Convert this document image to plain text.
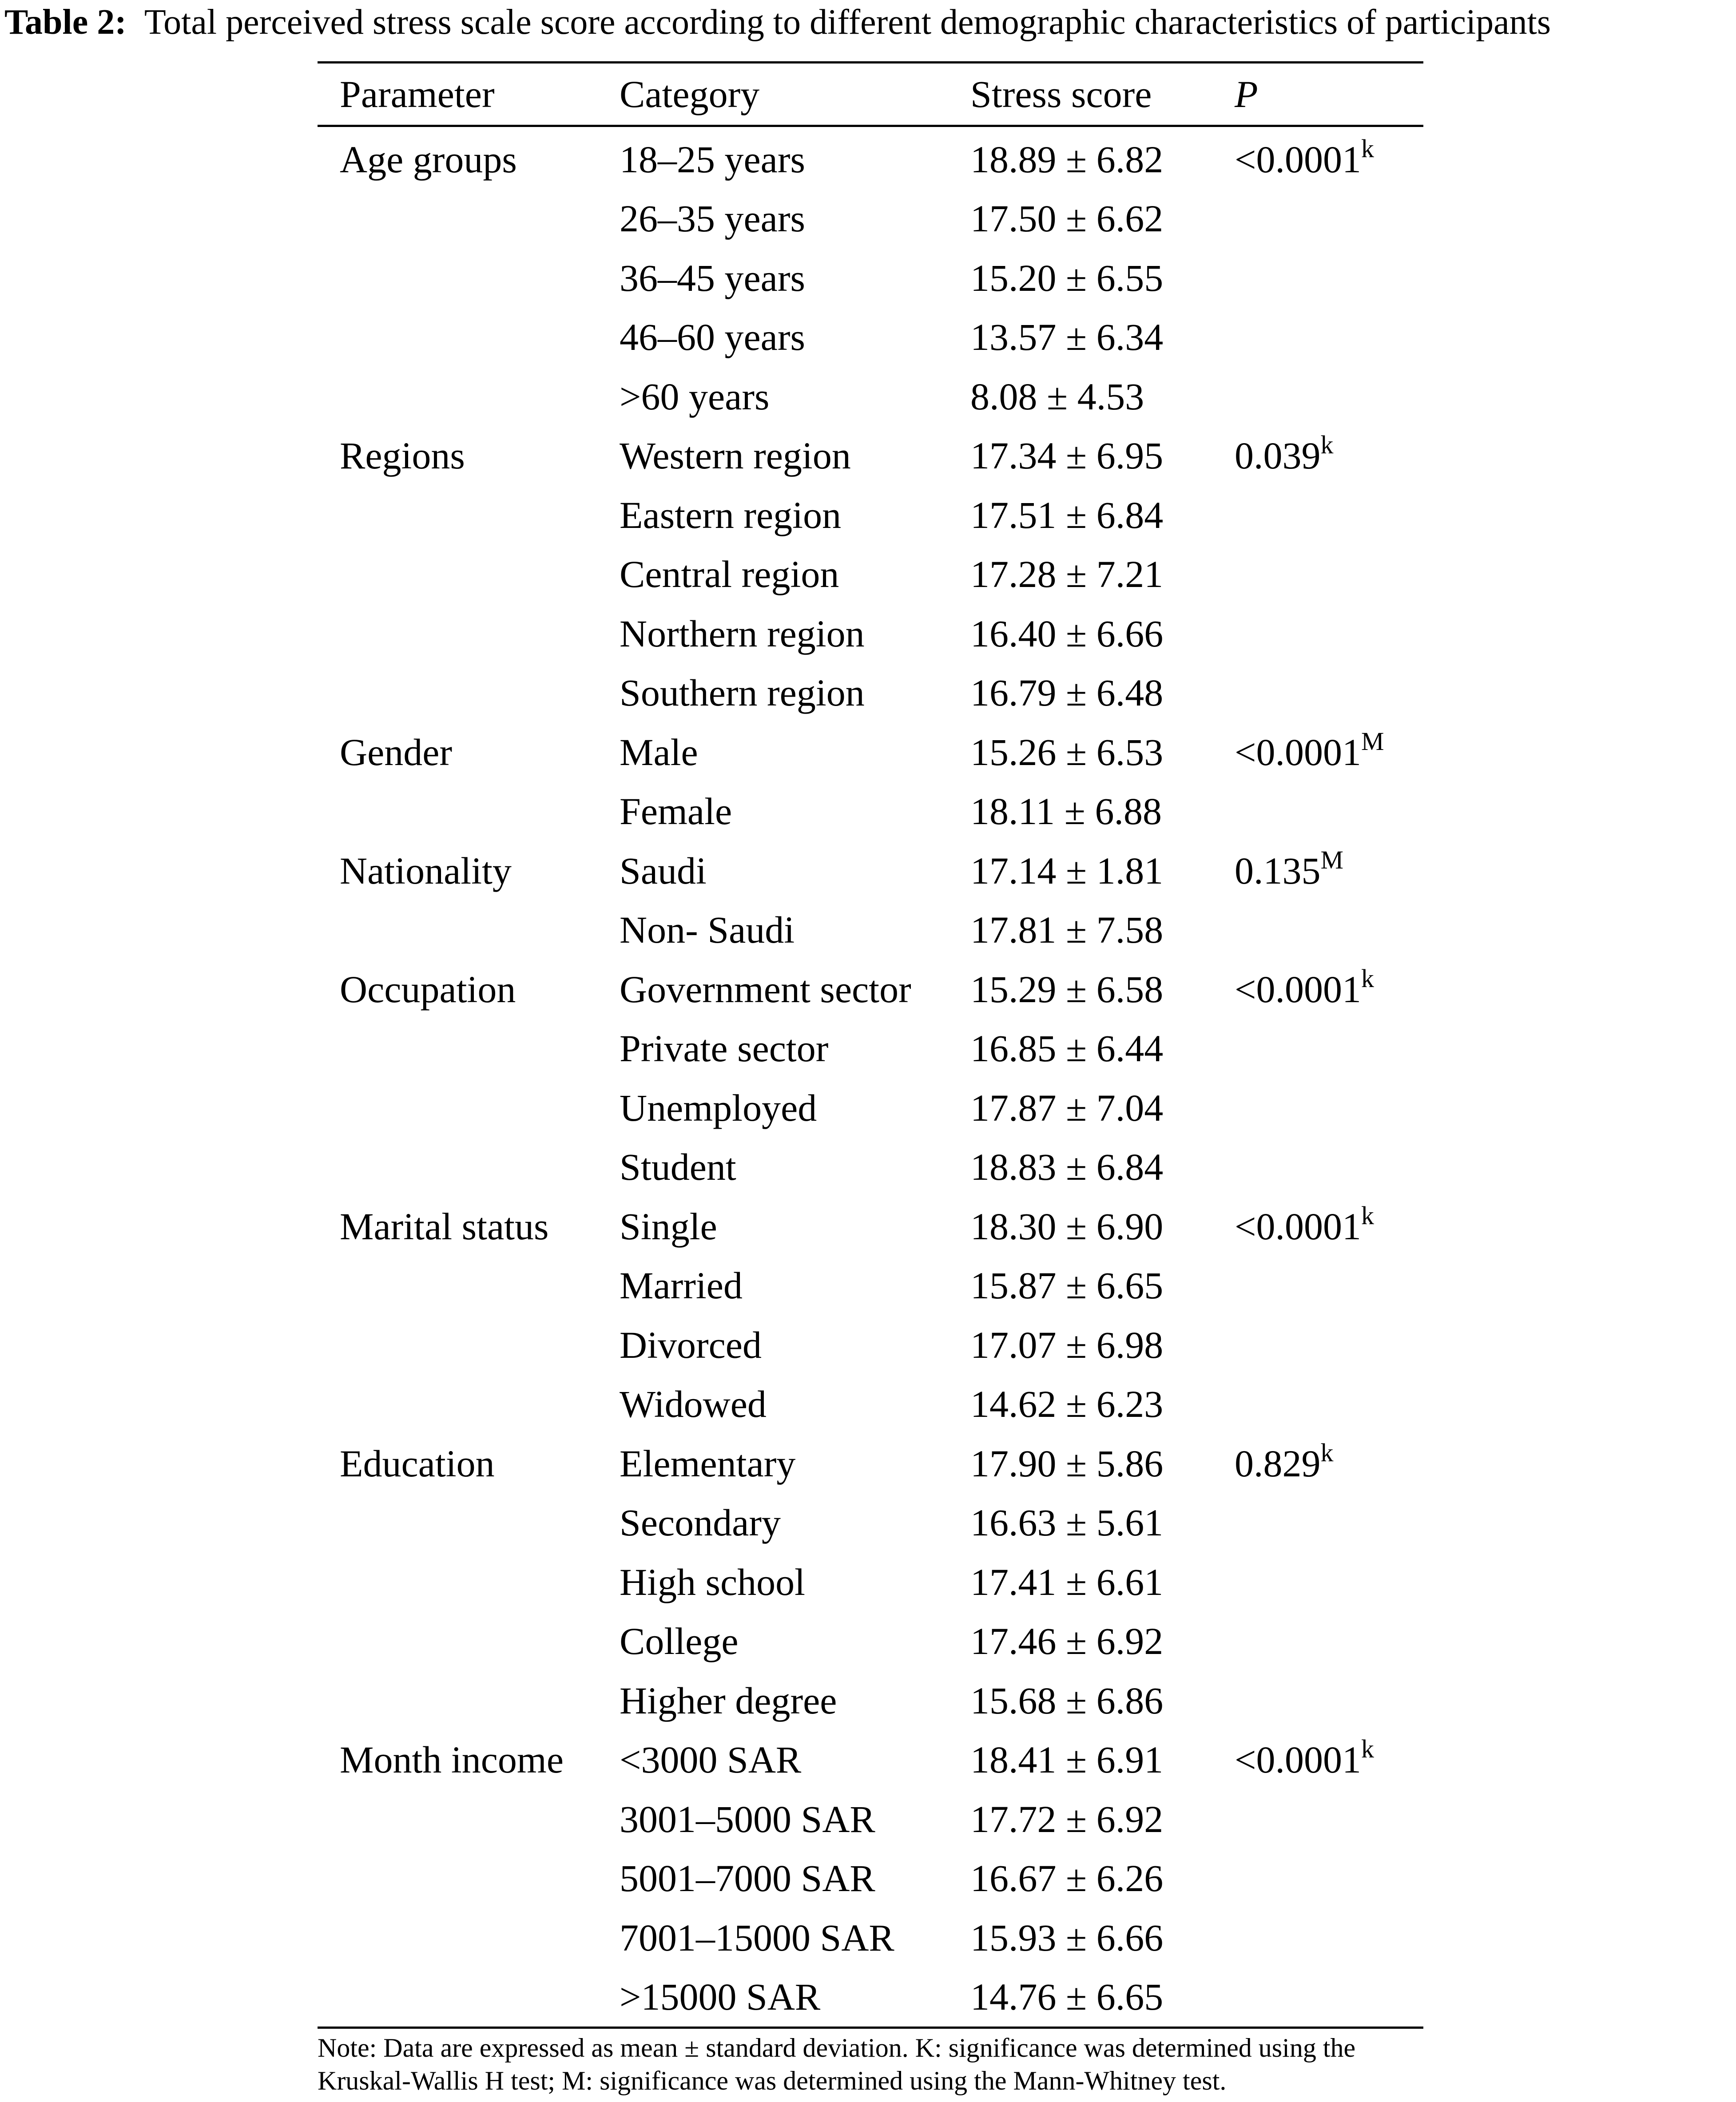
Table 2: Total perceived stress scale score according to different demographic characteristics of participants
Parameter	Category	Stress score	P
Age groups	18–25 years	18.89 ± 6.82	$<0.0001^k$
	26–35 years	17.50 ± 6.62	
	36–45 years	15.20 ± 6.55	
	46–60 years	13.57 ± 6.34	
	>60 years	8.08 ± 4.53	
Regions	Western region	17.34 ± 6.95	0.039$^k$
	Eastern region	17.51 ± 6.84	
	Central region	17.28 ± 7.21	
	Northern region	16.40 ± 6.66	
	Southern region	16.79 ± 6.48	
Gender	Male	15.26 ± 6.53	$<0.0001^M$
	Female	18.11 ± 6.88	
Nationality	Saudi	17.14 ± 1.81	$0.135^M$
	Non- Saudi	17.81 ± 7.58	
Occupation	Government sector	15.29 ± 6.58	$<0.0001^k$
	Private sector	16.85 ± 6.44	
	Unemployed	17.87 ± 7.04	
	Student	18.83 ± 6.84	
Marital status	Single	18.30 ± 6.90	$<0.0001^k$
	Married	15.87 ± 6.65	
	Divorced	17.07 ± 6.98	
	Widowed	14.62 ± 6.23	
Education	Elementary	17.90 ± 5.86	0.829$^k$
	Secondary	16.63 ± 5.61	
	High school	17.41 ± 6.61	
	College	17.46 ± 6.92	
	Higher degree	15.68 ± 6.86	
Month income	<3000 SAR	18.41 ± 6.91	$<0.0001^k$
	3001–5000 SAR	17.72 ± 6.92	
	5001–7000 SAR	16.67 ± 6.26	
	7001–15000 SAR	15.93 ± 6.66	
	>15000 SAR	14.76 ± 6.65	
Note: Data are expressed as mean ± standard deviation. K: significance was determined using the Kruskal-Wallis H test; M: significance was determined using the Mann-Whitney test.
